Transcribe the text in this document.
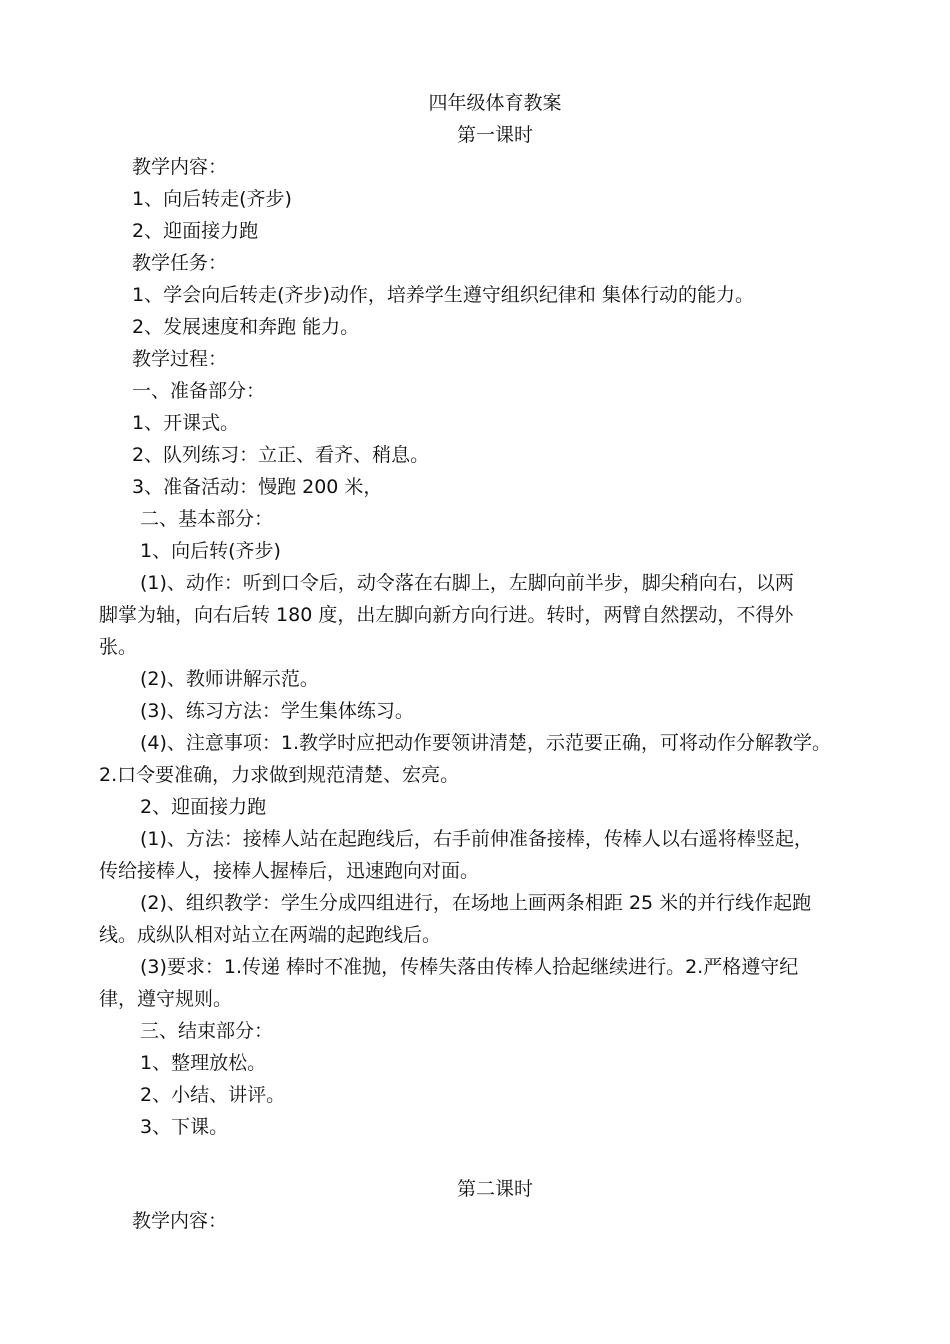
四年级体育教案
第一课时
教学内容：
1、向后转走(齐步)
2、迎面接力跑
教学任务：
1、学会向后转走(齐步)动作，培养学生遵守组织纪律和 集体行动的能力。
2、发展速度和奔跑 能力。
教学过程：
一、准备部分：
1、开课式。
2、队列练习：立正、看齐、稍息。
3、准备活动：慢跑 200 米，
二、基本部分：
1、向后转(齐步)
(1)、动作：听到口令后，动令落在右脚上，左脚向前半步，脚尖稍向右，以两
脚掌为轴，向右后转 180 度，出左脚向新方向行进。转时，两臂自然摆动，不得外
张。
(2)、教师讲解示范。
(3)、练习方法：学生集体练习。
(4)、注意事项：1.教学时应把动作要领讲清楚，示范要正确，可将动作分解教学。
2.口令要准确，力求做到规范清楚、宏亮。
2、迎面接力跑
(1)、方法：接棒人站在起跑线后，右手前伸准备接棒，传棒人以右遥将棒竖起，
传给接棒人，接棒人握棒后，迅速跑向对面。
(2)、组织教学：学生分成四组进行，在场地上画两条相距 25 米的并行线作起跑
线。成纵队相对站立在两端的起跑线后。
(3)要求：1.传递 棒时不准抛，传棒失落由传棒人拾起继续进行。2.严格遵守纪
律，遵守规则。
三、结束部分：
1、整理放松。
2、小结、讲评。
3、下课。
第二课时
教学内容：
